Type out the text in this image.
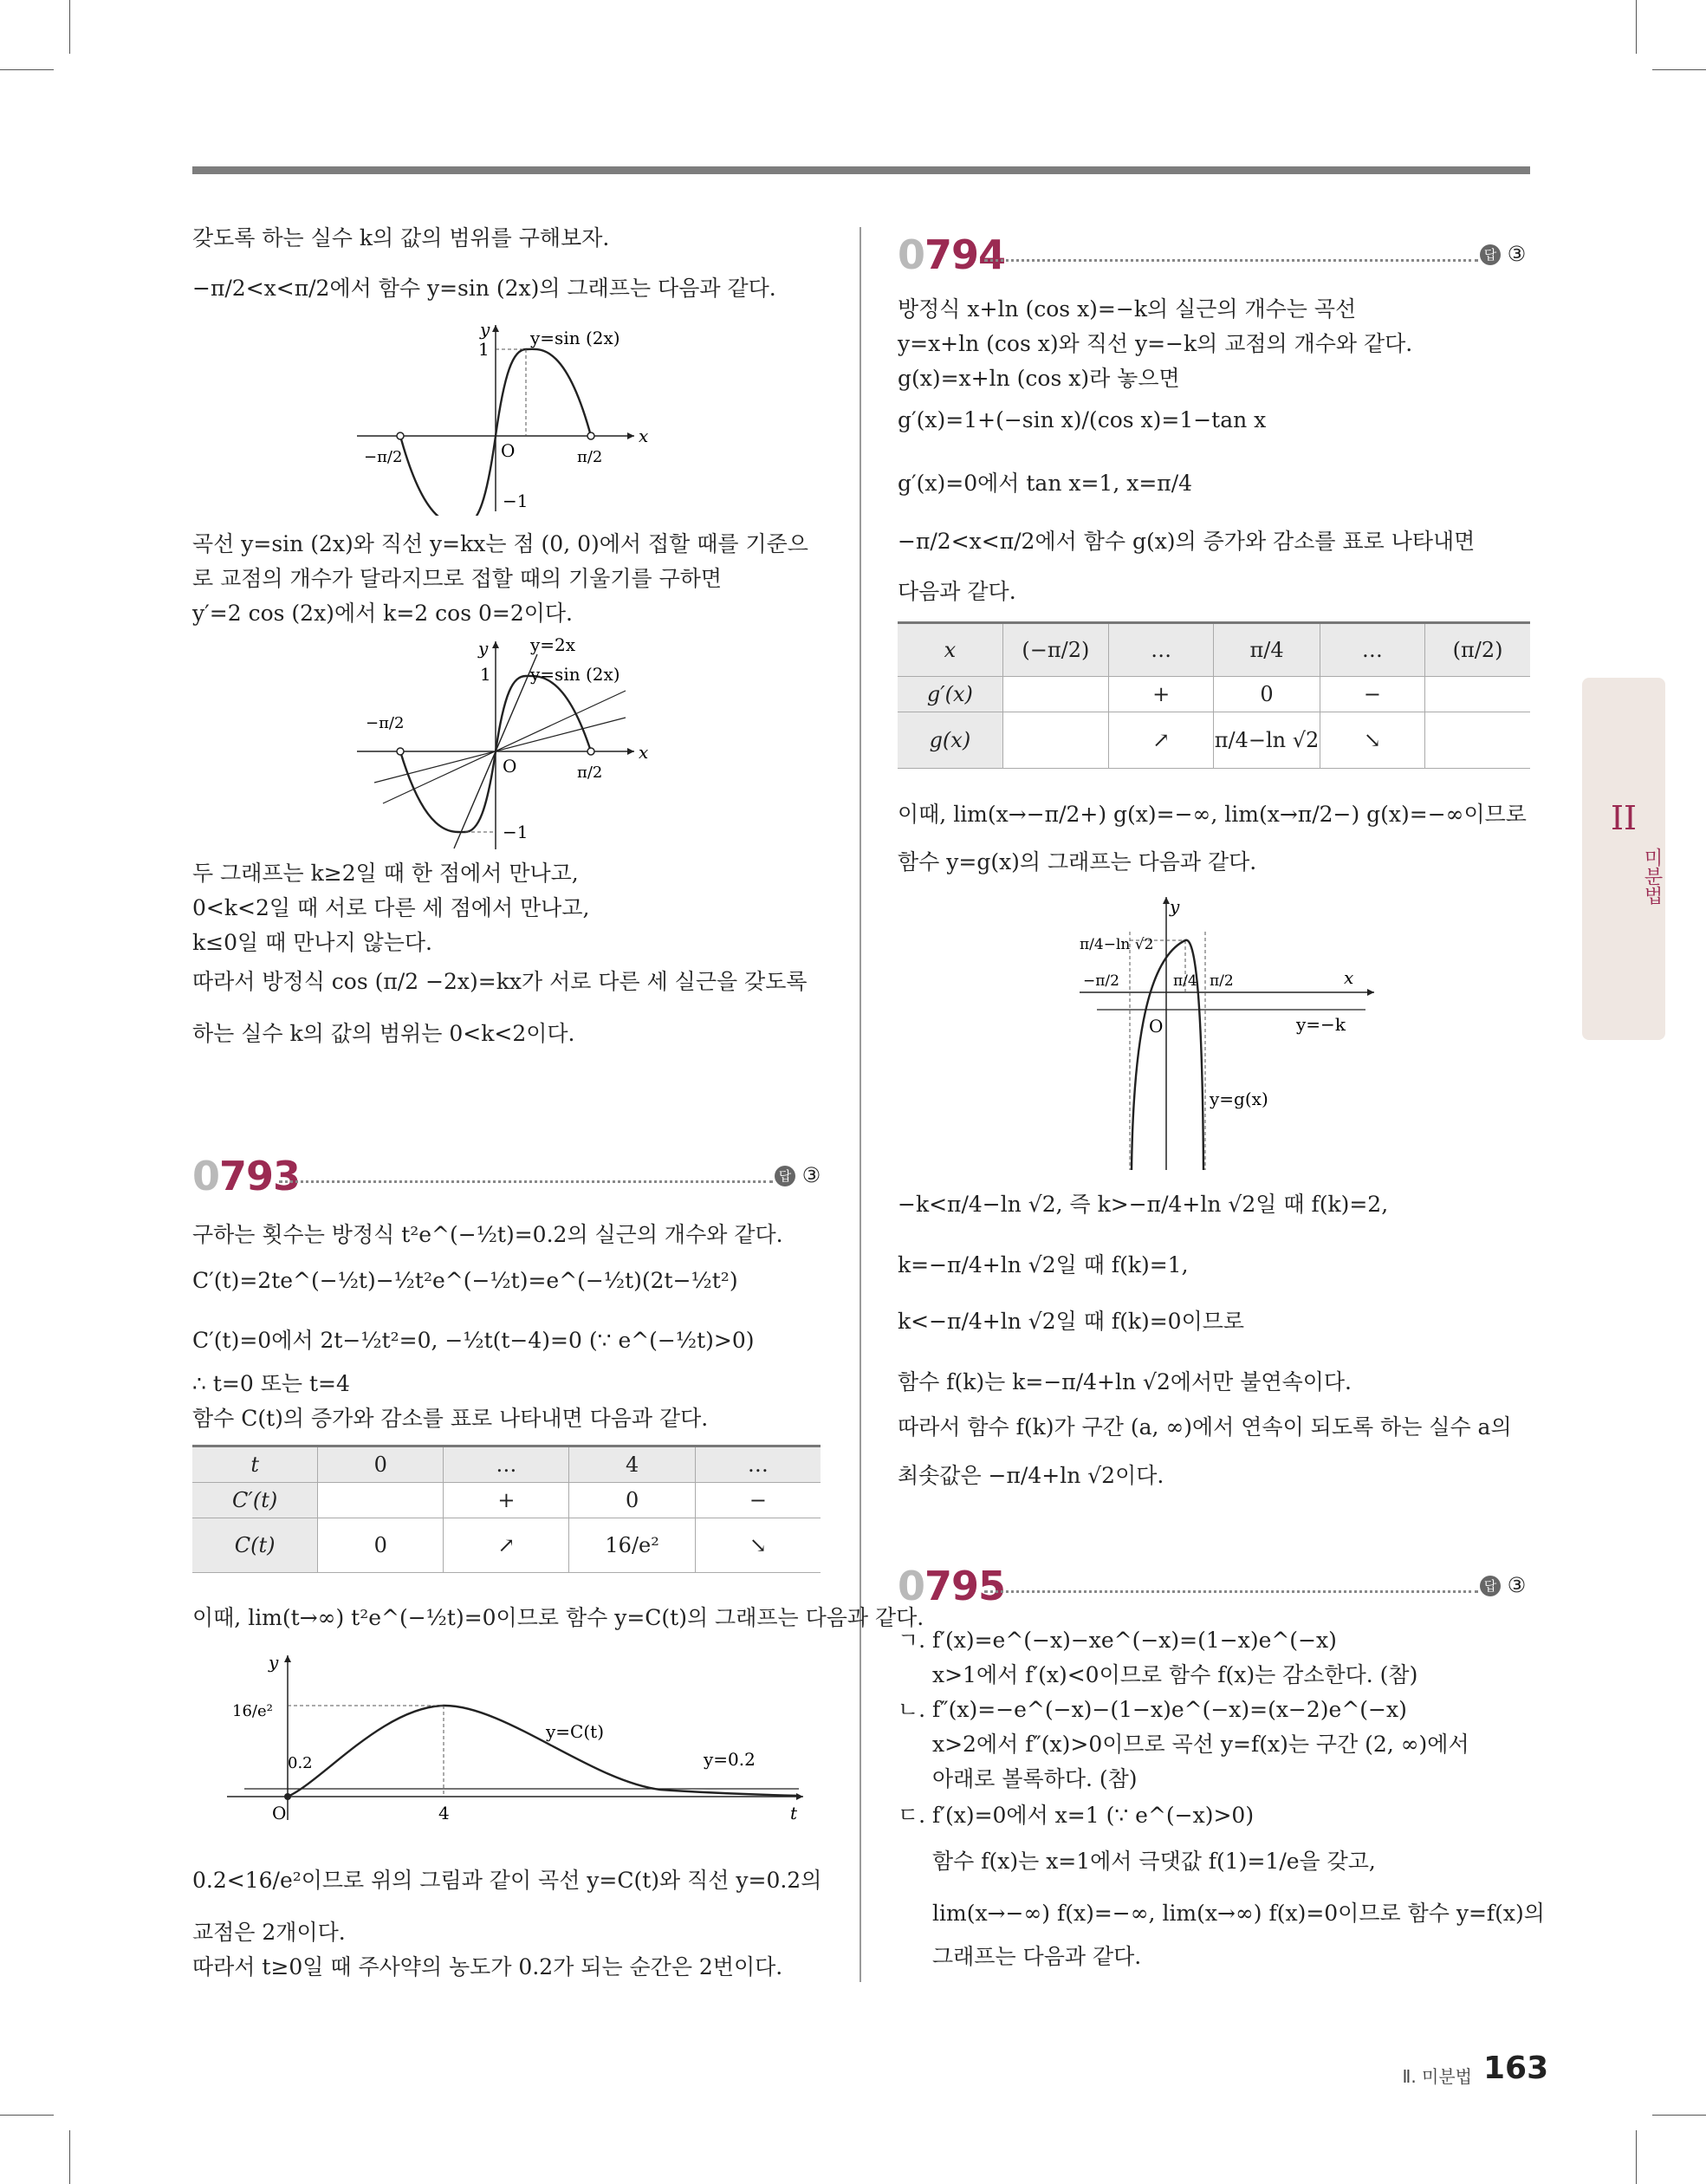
갖도록 하는 실수 k의 값의 범위를 구해보자.
−π/2<x<π/2에서 함수 y=sin (2x)의 그래프는 다음과 같다.
y=sin (2x)
1
−1
O
x
y
−π/2	π/2
곡선 y=sin (2x)와 직선 y=kx는 점 (0, 0)에서 접할 때를 기준으
로 교점의 개수가 달라지므로 접할 때의 기울기를 구하면
y′=2 cos (2x)에서 k=2 cos 0=2이다.
y=2x
y=sin (2x)
1
−1
O
x
y
−π/2
π/2
두 그래프는 k≥2일 때 한 점에서 만나고,
0<k<2일 때 서로 다른 세 점에서 만나고,
k≤0일 때 만나지 않는다.
따라서 방정식 cos (π/2 −2x)=kx가 서로 다른 세 실근을 갖도록
하는 실수 k의 값의 범위는 0<k<2이다.
0793	답 ③
구하는 횟수는 방정식 t²e^(−½t)=0.2의 실근의 개수와 같다.
C′(t)=2te^(−½t)−½t²e^(−½t)=e^(−½t)(2t−½t²)
C′(t)=0에서 2t−½t²=0, −½t(t−4)=0 (∵ e^(−½t)>0)
∴ t=0 또는 t=4
함수 C(t)의 증가와 감소를 표로 나타내면 다음과 같다.
t	0	…	4	…
C′(t)		+	0	−
C(t)	0	↗	16/e²	↘
이때, lim(t→∞) t²e^(−½t)=0이므로 함수 y=C(t)의 그래프는 다음과 같다.
y=C(t)
y=0.2
16/e²
0.2
O	4	t
y
0.2<16/e²이므로 위의 그림과 같이 곡선 y=C(t)와 직선 y=0.2의
교점은 2개이다.
따라서 t≥0일 때 주사약의 농도가 0.2가 되는 순간은 2번이다.
0794	답 ③
방정식 x+ln (cos x)=−k의 실근의 개수는 곡선
y=x+ln (cos x)와 직선 y=−k의 교점의 개수와 같다.
g(x)=x+ln (cos x)라 놓으면
g′(x)=1+(−sin x)/(cos x)=1−tan x
g′(x)=0에서 tan x=1, x=π/4
−π/2<x<π/2에서 함수 g(x)의 증가와 감소를 표로 나타내면
다음과 같다.
x	(−π/2)	…	π/4	…	(π/2)
g′(x)		+	0	−	
g(x)		↗	π/4−ln √2	↘	
이때, lim(x→−π/2+) g(x)=−∞, lim(x→π/2−) g(x)=−∞이므로
함수 y=g(x)의 그래프는 다음과 같다.
π/4−ln √2
−π/2	π/4 π/2
y=−k
y=g(x)
O
x
y
−k<π/4−ln √2, 즉 k>−π/4+ln √2일 때 f(k)=2,
k=−π/4+ln √2일 때 f(k)=1,
k<−π/4+ln √2일 때 f(k)=0이므로
함수 f(k)는 k=−π/4+ln √2에서만 불연속이다.
따라서 함수 f(k)가 구간 (a, ∞)에서 연속이 되도록 하는 실수 a의
최솟값은 −π/4+ln √2이다.
0795	답 ③
ㄱ. f′(x)=e^(−x)−xe^(−x)=(1−x)e^(−x)
x>1에서 f′(x)<0이므로 함수 f(x)는 감소한다. (참)
ㄴ. f″(x)=−e^(−x)−(1−x)e^(−x)=(x−2)e^(−x)
x>2에서 f″(x)>0이므로 곡선 y=f(x)는 구간 (2, ∞)에서
아래로 볼록하다. (참)
ㄷ. f′(x)=0에서 x=1 (∵ e^(−x)>0)
함수 f(x)는 x=1에서 극댓값 f(1)=1/e을 갖고,
lim(x→−∞) f(x)=−∞, lim(x→∞) f(x)=0이므로 함수 y=f(x)의
그래프는 다음과 같다.
II
미분법
Ⅱ. 미분법 163
